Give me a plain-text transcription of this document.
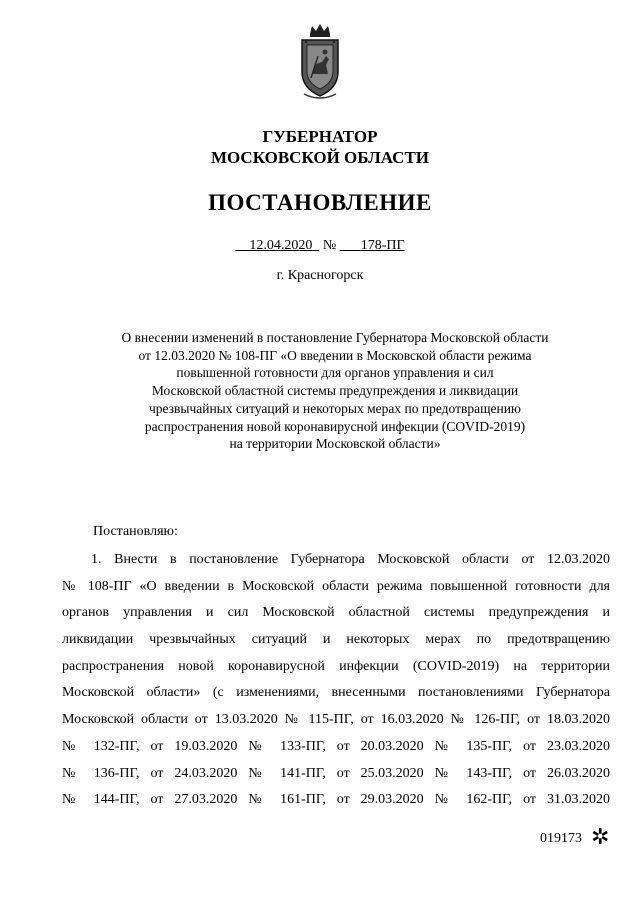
ГУБЕРНАТОР
МОСКОВСКОЙ ОБЛАСТИ
ПОСТАНОВЛЕНИЕ
12.04.2020 № 178-ПГ
г. Красногорск
О внесении изменений в постановление Губернатора Московской области
от 12.03.2020 № 108-ПГ «О введении в Московской области режима
повышенной готовности для органов управления и сил
Московской областной системы предупреждения и ликвидации
чрезвычайных ситуаций и некоторых мерах по предотвращению
распространения новой коронавирусной инфекции (COVID-2019)
на территории Московской области»
Постановляю:
1. Внести в постановление Губернатора Московской области от 12.03.2020
№ 108-ПГ «О введении в Московской области режима повышенной готовности для
органов управления и сил Московской областной системы предупреждения и
ликвидации чрезвычайных ситуаций и некоторых мерах по предотвращению
распространения новой коронавирусной инфекции (COVID-2019) на территории
Московской области» (с изменениями, внесенными постановлениями Губернатора
Московской области от 13.03.2020 № 115-ПГ, от 16.03.2020 № 126-ПГ, от 18.03.2020
№ 132-ПГ, от 19.03.2020 № 133-ПГ, от 20.03.2020 № 135-ПГ, от 23.03.2020
№ 136-ПГ, от 24.03.2020 № 141-ПГ, от 25.03.2020 № 143-ПГ, от 26.03.2020
№ 144-ПГ, от 27.03.2020 № 161-ПГ, от 29.03.2020 № 162-ПГ, от 31.03.2020
019173 ✲
